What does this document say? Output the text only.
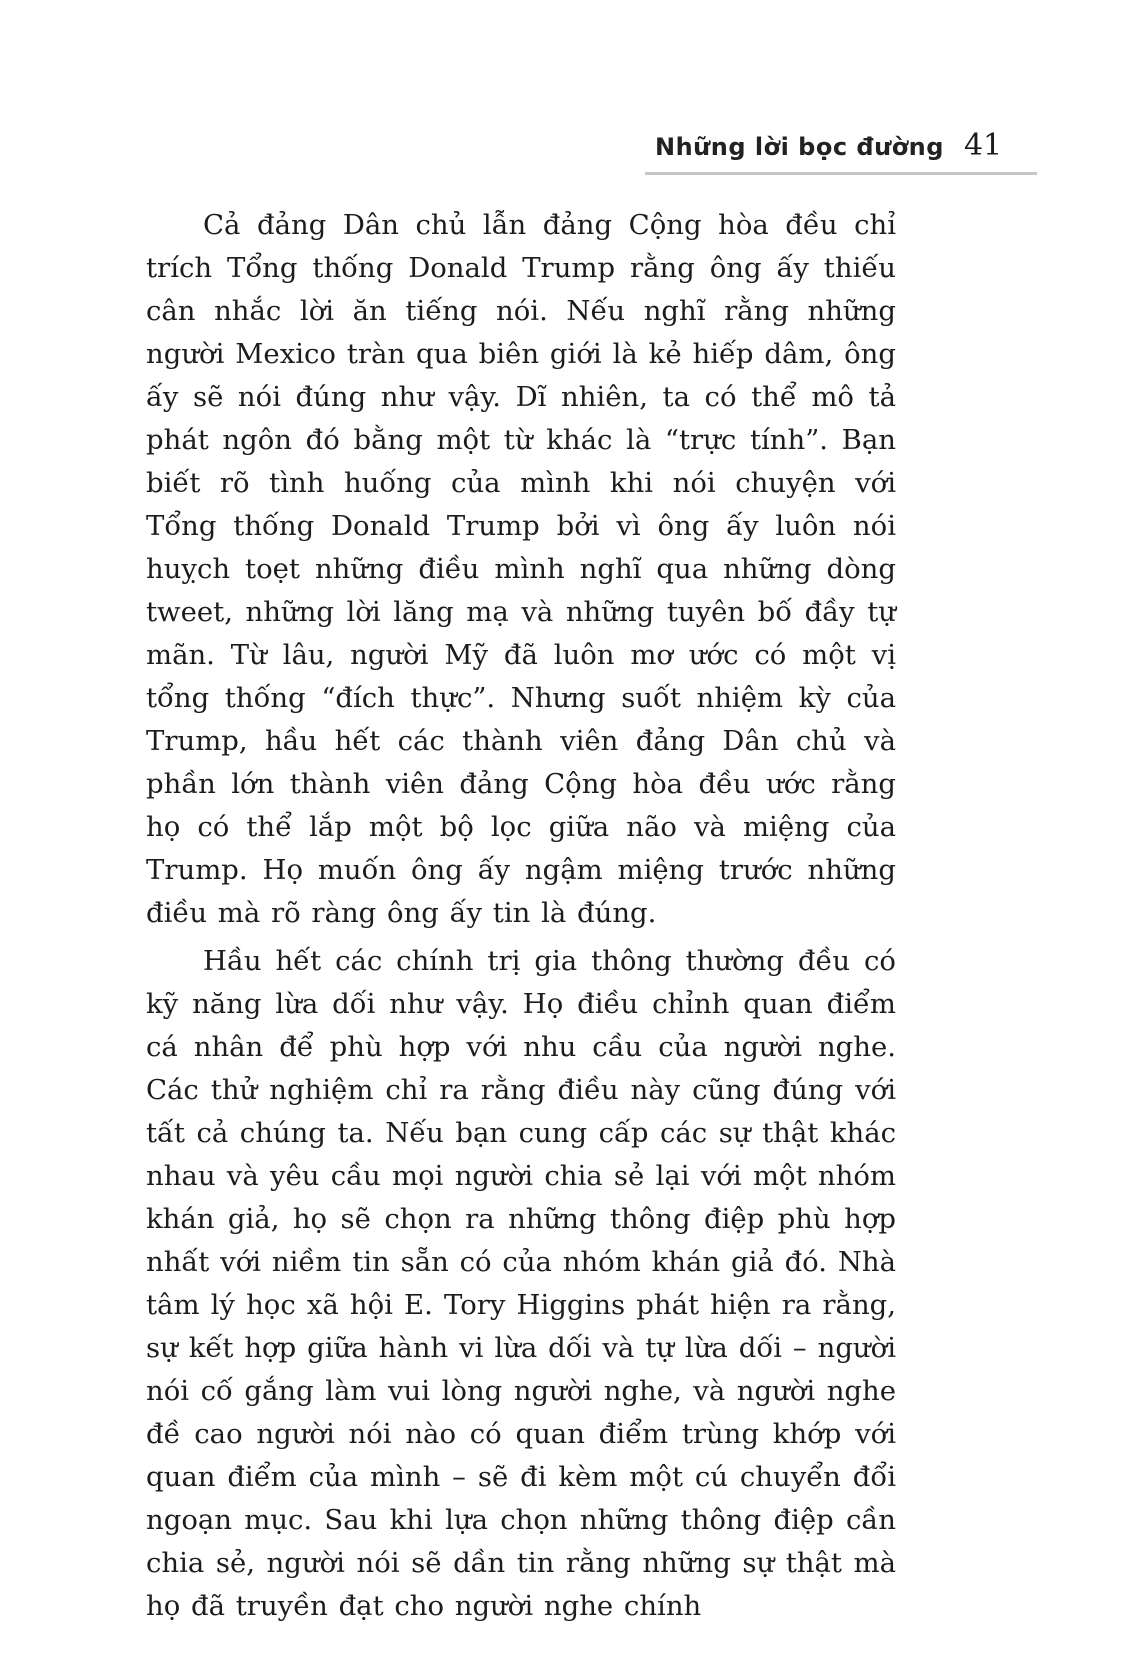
Những lời bọc đường 41

Cả đảng Dân chủ lẫn đảng Cộng hòa đều chỉ trích Tổng thống Donald Trump rằng ông ấy thiếu cân nhắc lời ăn tiếng nói. Nếu nghĩ rằng những người Mexico tràn qua biên giới là kẻ hiếp dâm, ông ấy sẽ nói đúng như vậy. Dĩ nhiên, ta có thể mô tả phát ngôn đó bằng một từ khác là “trực tính”. Bạn biết rõ tình huống của mình khi nói chuyện với Tổng thống Donald Trump bởi vì ông ấy luôn nói huỵch toẹt những điều mình nghĩ qua những dòng tweet, những lời lăng mạ và những tuyên bố đầy tự mãn. Từ lâu, người Mỹ đã luôn mơ ước có một vị tổng thống “đích thực”. Nhưng suốt nhiệm kỳ của Trump, hầu hết các thành viên đảng Dân chủ và phần lớn thành viên đảng Cộng hòa đều ước rằng họ có thể lắp một bộ lọc giữa não và miệng của Trump. Họ muốn ông ấy ngậm miệng trước những điều mà rõ ràng ông ấy tin là đúng.

Hầu hết các chính trị gia thông thường đều có kỹ năng lừa dối như vậy. Họ điều chỉnh quan điểm cá nhân để phù hợp với nhu cầu của người nghe. Các thử nghiệm chỉ ra rằng điều này cũng đúng với tất cả chúng ta. Nếu bạn cung cấp các sự thật khác nhau và yêu cầu mọi người chia sẻ lại với một nhóm khán giả, họ sẽ chọn ra những thông điệp phù hợp nhất với niềm tin sẵn có của nhóm khán giả đó. Nhà tâm lý học xã hội E. Tory Higgins phát hiện ra rằng, sự kết hợp giữa hành vi lừa dối và tự lừa dối – người nói cố gắng làm vui lòng người nghe, và người nghe đề cao người nói nào có quan điểm trùng khớp với quan điểm của mình – sẽ đi kèm một cú chuyển đổi ngoạn mục. Sau khi lựa chọn những thông điệp cần chia sẻ, người nói sẽ dần tin rằng những sự thật mà họ đã truyền đạt cho người nghe chính
